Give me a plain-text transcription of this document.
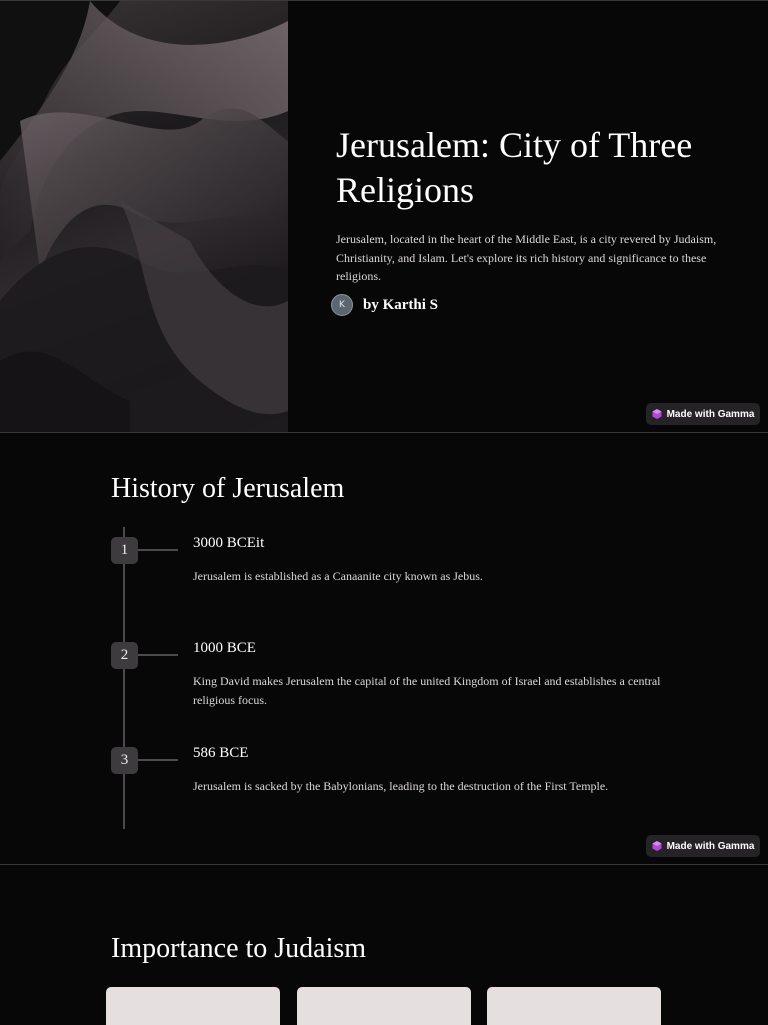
Jerusalem: City of Three Religions

Jerusalem, located in the heart of the Middle East, is a city revered by Judaism, Christianity, and Islam. Let's explore its rich history and significance to these religions.

K	by Karthi S
Made with Gamma
History of Jerusalem
1	3000 BCEit
Jerusalem is established as a Canaanite city known as Jebus.
2	1000 BCE
King David makes Jerusalem the capital of the united Kingdom of Israel and establishes a central religious focus.
3	586 BCE
Jerusalem is sacked by the Babylonians, leading to the destruction of the First Temple.
Made with Gamma
Importance to Judaism
